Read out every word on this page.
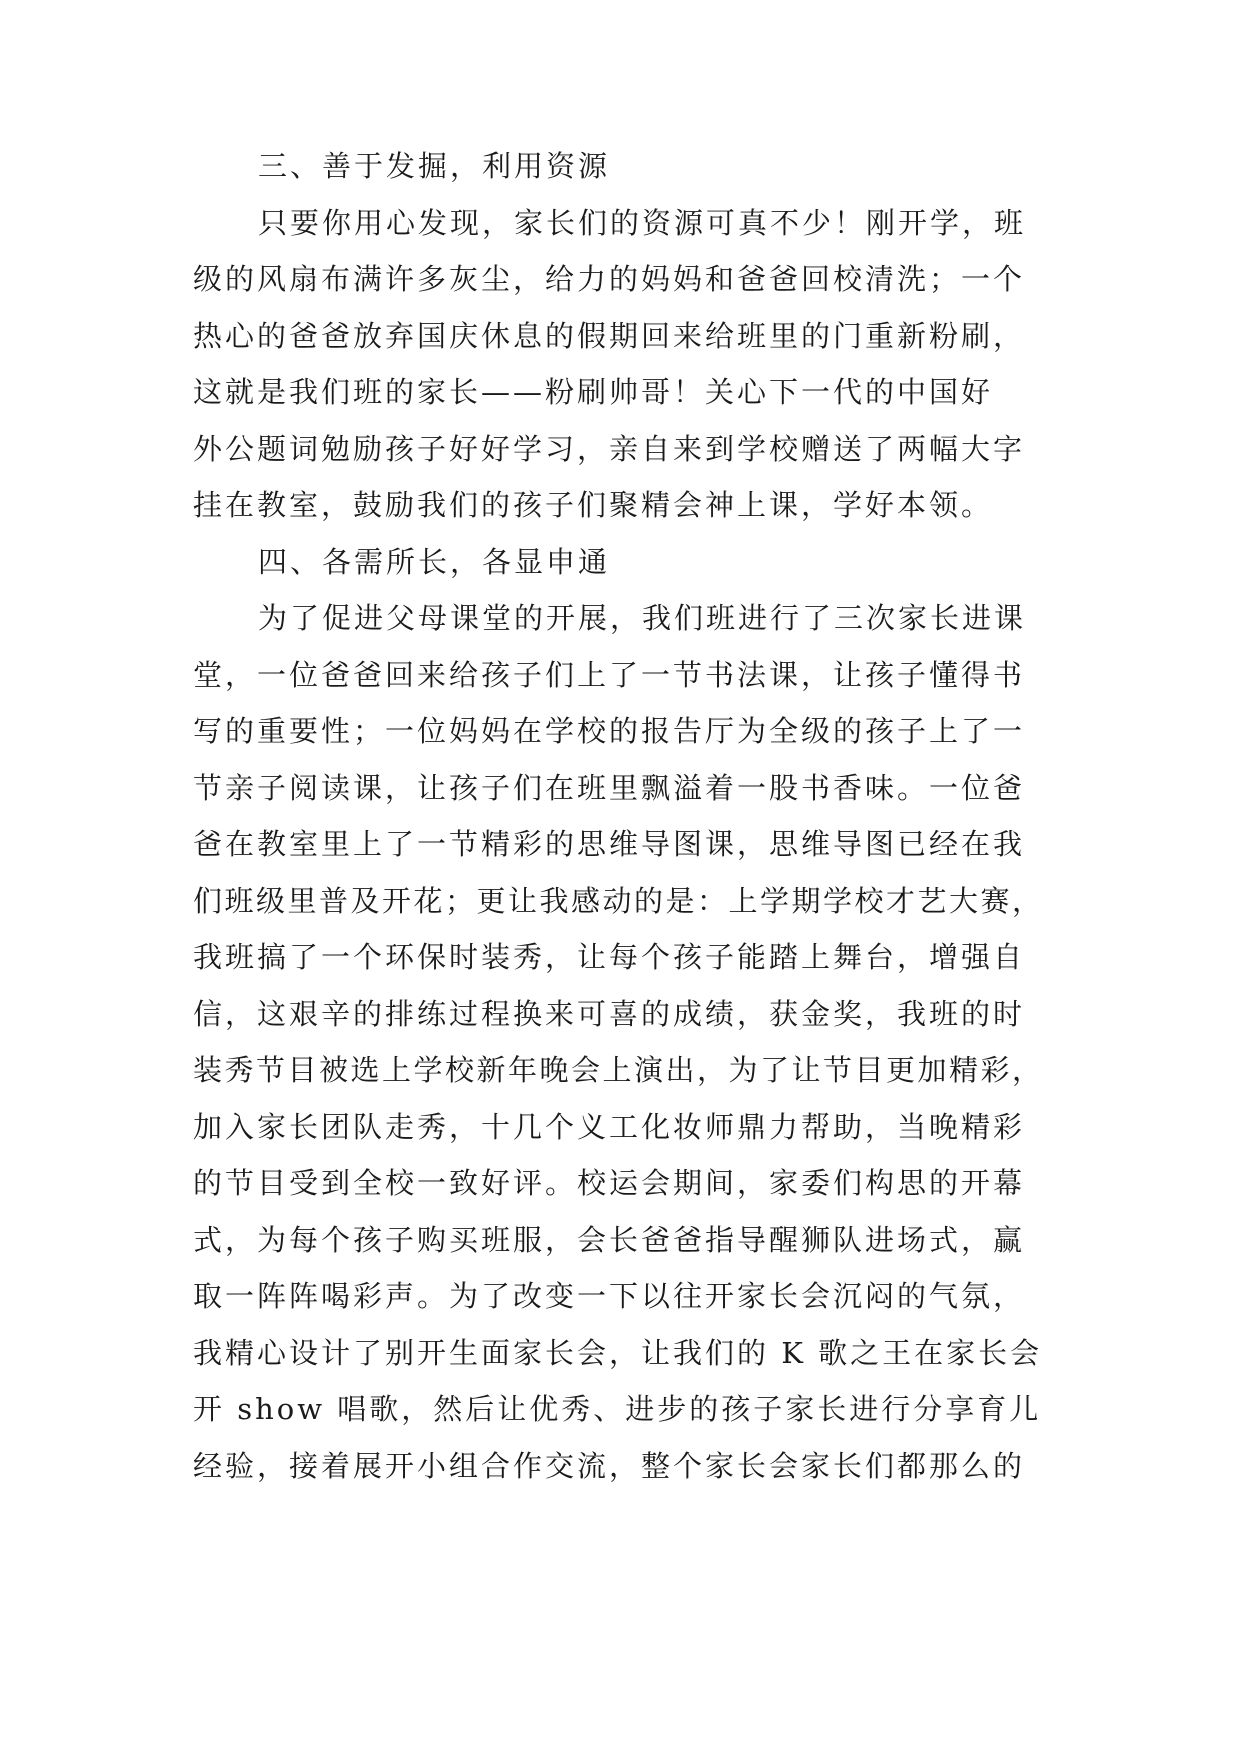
三、善于发掘，利用资源
只要你用心发现，家长们的资源可真不少！刚开学，班
级的风扇布满许多灰尘，给力的妈妈和爸爸回校清洗；一个
热心的爸爸放弃国庆休息的假期回来给班里的门重新粉刷，
这就是我们班的家长——粉刷帅哥！关心下一代的中国好
外公题词勉励孩子好好学习，亲自来到学校赠送了两幅大字
挂在教室，鼓励我们的孩子们聚精会神上课，学好本领。
四、各需所长，各显申通
为了促进父母课堂的开展，我们班进行了三次家长进课
堂，一位爸爸回来给孩子们上了一节书法课，让孩子懂得书
写的重要性；一位妈妈在学校的报告厅为全级的孩子上了一
节亲子阅读课，让孩子们在班里飘溢着一股书香味。一位爸
爸在教室里上了一节精彩的思维导图课，思维导图已经在我
们班级里普及开花；更让我感动的是：上学期学校才艺大赛，
我班搞了一个环保时装秀，让每个孩子能踏上舞台，增强自
信，这艰辛的排练过程换来可喜的成绩，获金奖，我班的时
装秀节目被选上学校新年晚会上演出，为了让节目更加精彩，
加入家长团队走秀，十几个义工化妆师鼎力帮助，当晚精彩
的节目受到全校一致好评。校运会期间，家委们构思的开幕
式，为每个孩子购买班服，会长爸爸指导醒狮队进场式，赢
取一阵阵喝彩声。为了改变一下以往开家长会沉闷的气氛，
我精心设计了别开生面家长会，让我们的 K 歌之王在家长会
开 show 唱歌，然后让优秀、进步的孩子家长进行分享育儿
经验，接着展开小组合作交流，整个家长会家长们都那么的
